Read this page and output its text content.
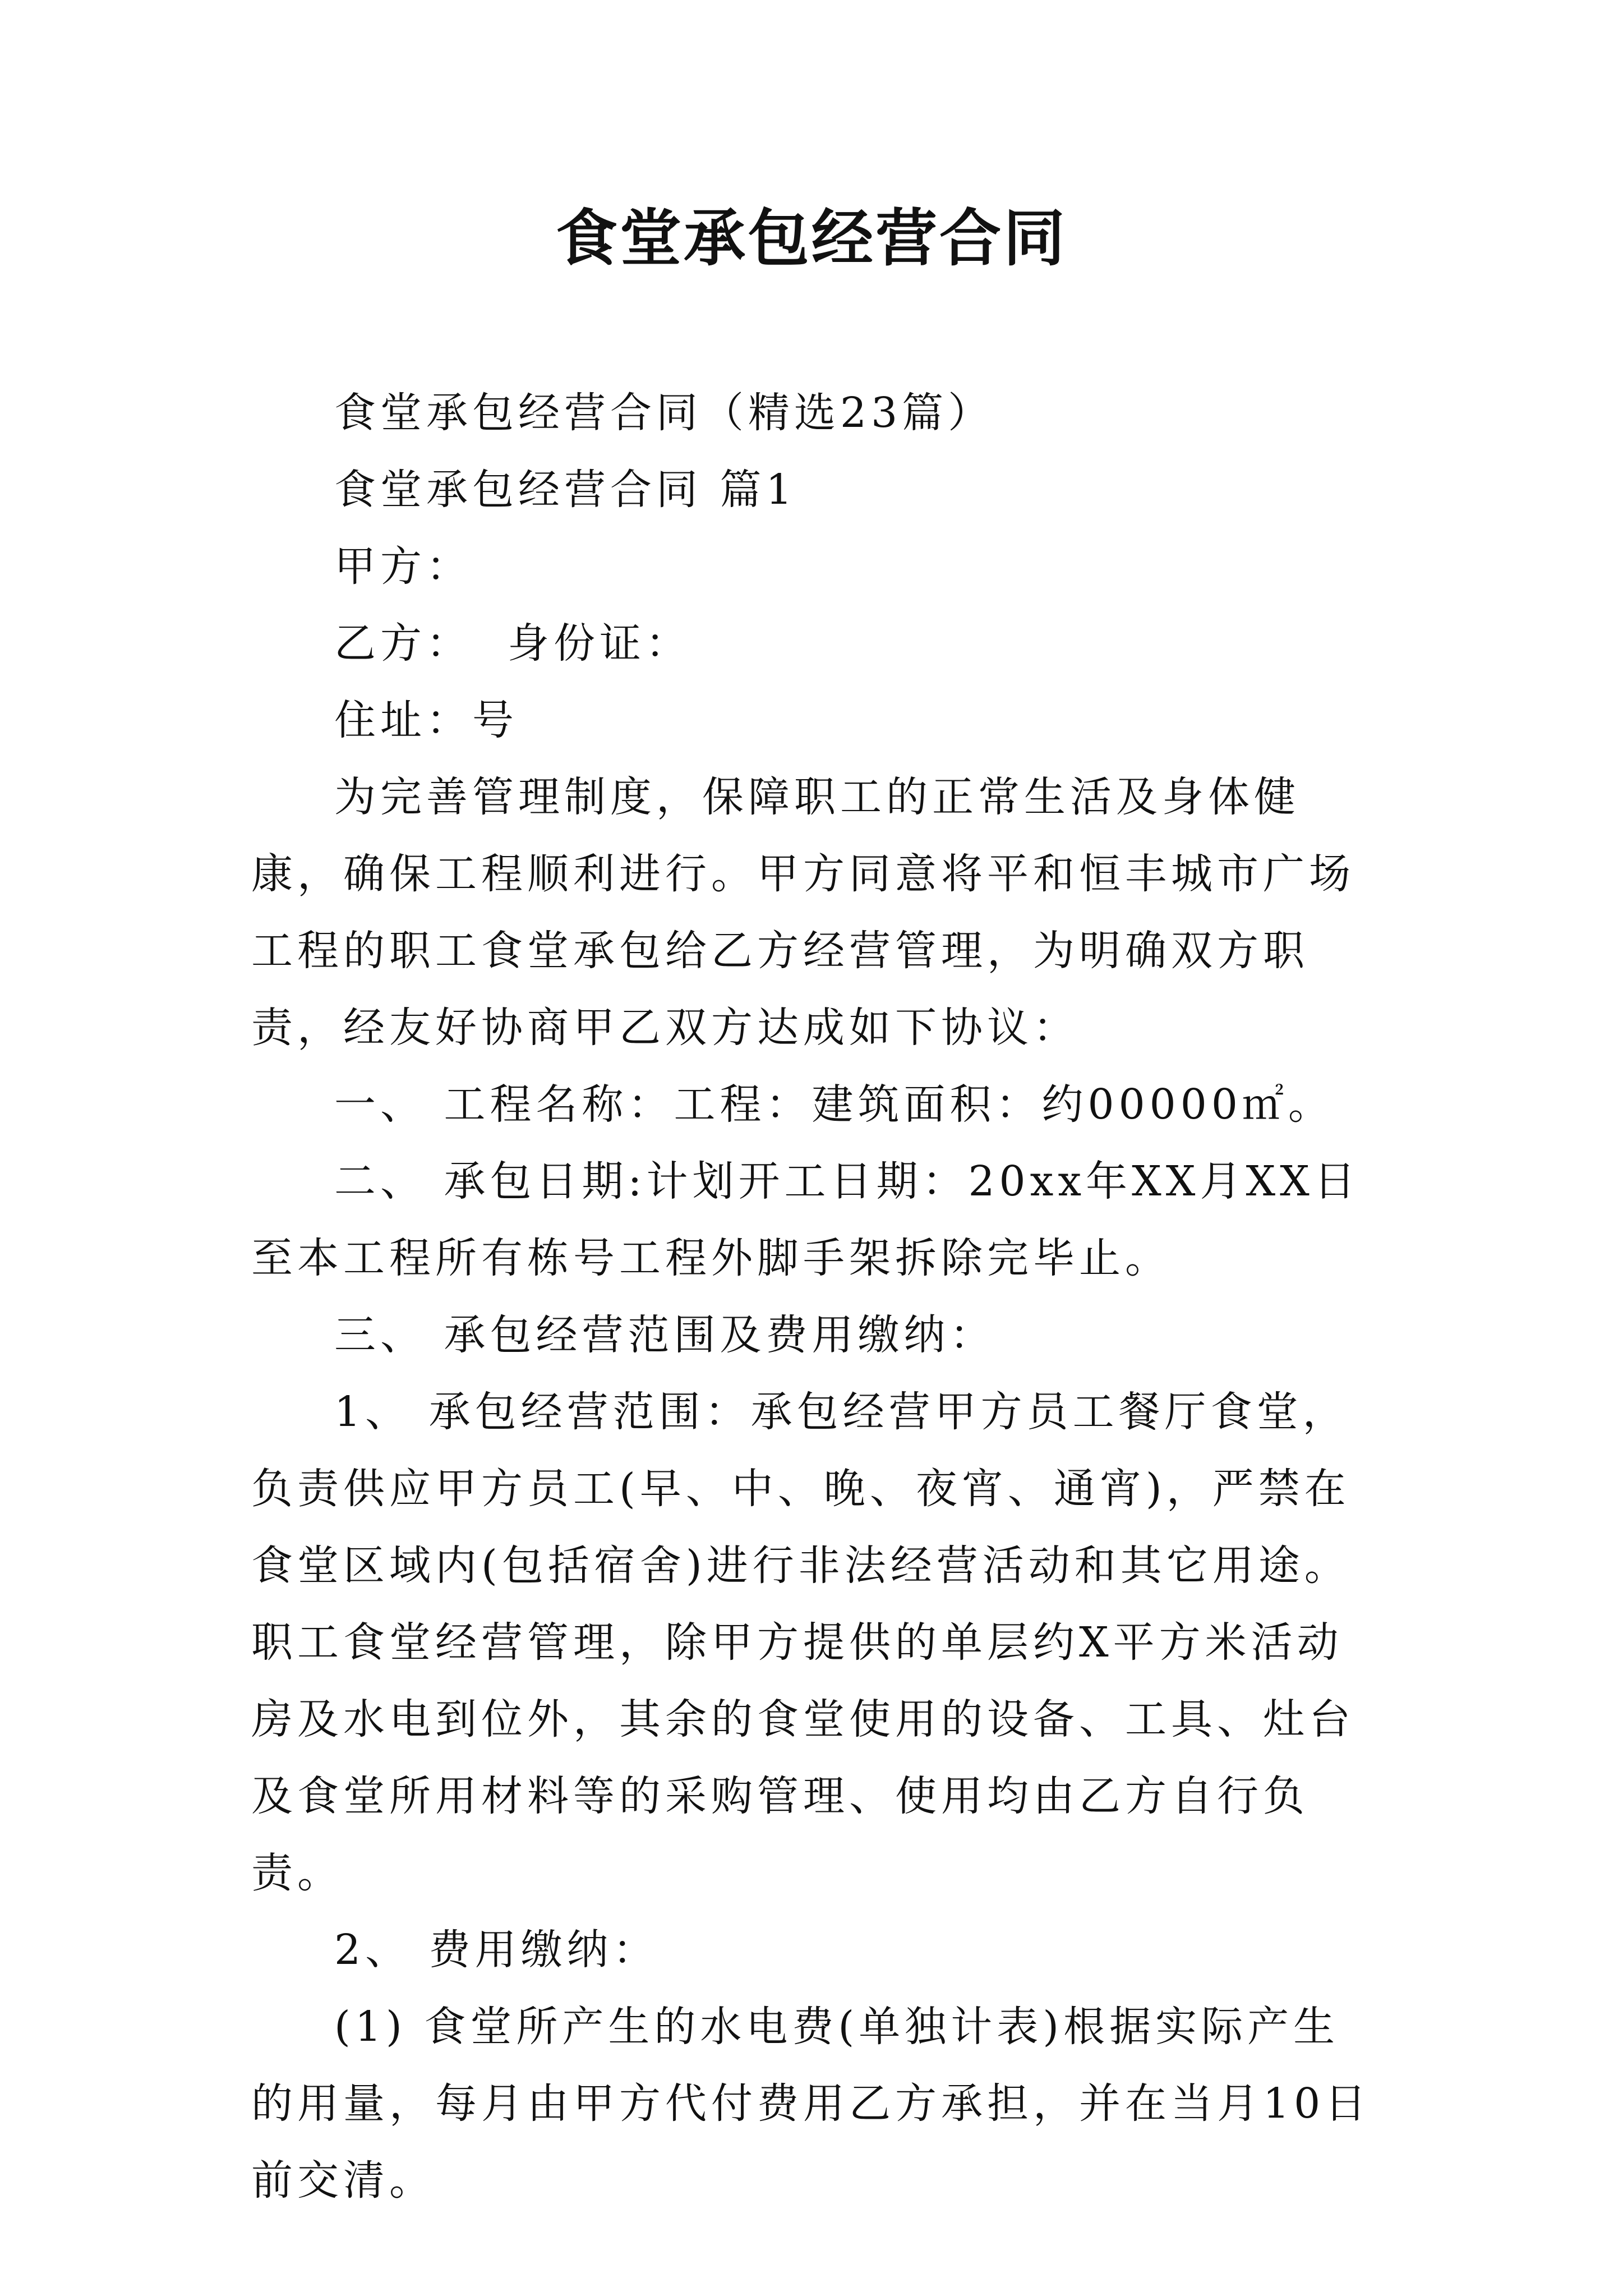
食堂承包经营合同

食堂承包经营合同（精选23篇）

食堂承包经营合同 篇1

甲方：

乙方：  身份证：

住址：号

为完善管理制度，保障职工的正常生活及身体健康，确保工程顺利进行。甲方同意将平和恒丰城市广场工程的职工食堂承包给乙方经营管理，为明确双方职责，经友好协商甲乙双方达成如下协议：

一、 工程名称：工程：建筑面积：约00000㎡。

二、 承包日期:计划开工日期：20xx年XX月XX日至本工程所有栋号工程外脚手架拆除完毕止。

三、 承包经营范围及费用缴纳：

1、 承包经营范围：承包经营甲方员工餐厅食堂，负责供应甲方员工(早、中、晚、夜宵、通宵)，严禁在食堂区域内(包括宿舍)进行非法经营活动和其它用途。职工食堂经营管理，除甲方提供的单层约X平方米活动房及水电到位外，其余的食堂使用的设备、工具、灶台及食堂所用材料等的采购管理、使用均由乙方自行负责。

2、 费用缴纳：

(1) 食堂所产生的水电费(单独计表)根据实际产生的用量，每月由甲方代付费用乙方承担，并在当月10日前交清。
